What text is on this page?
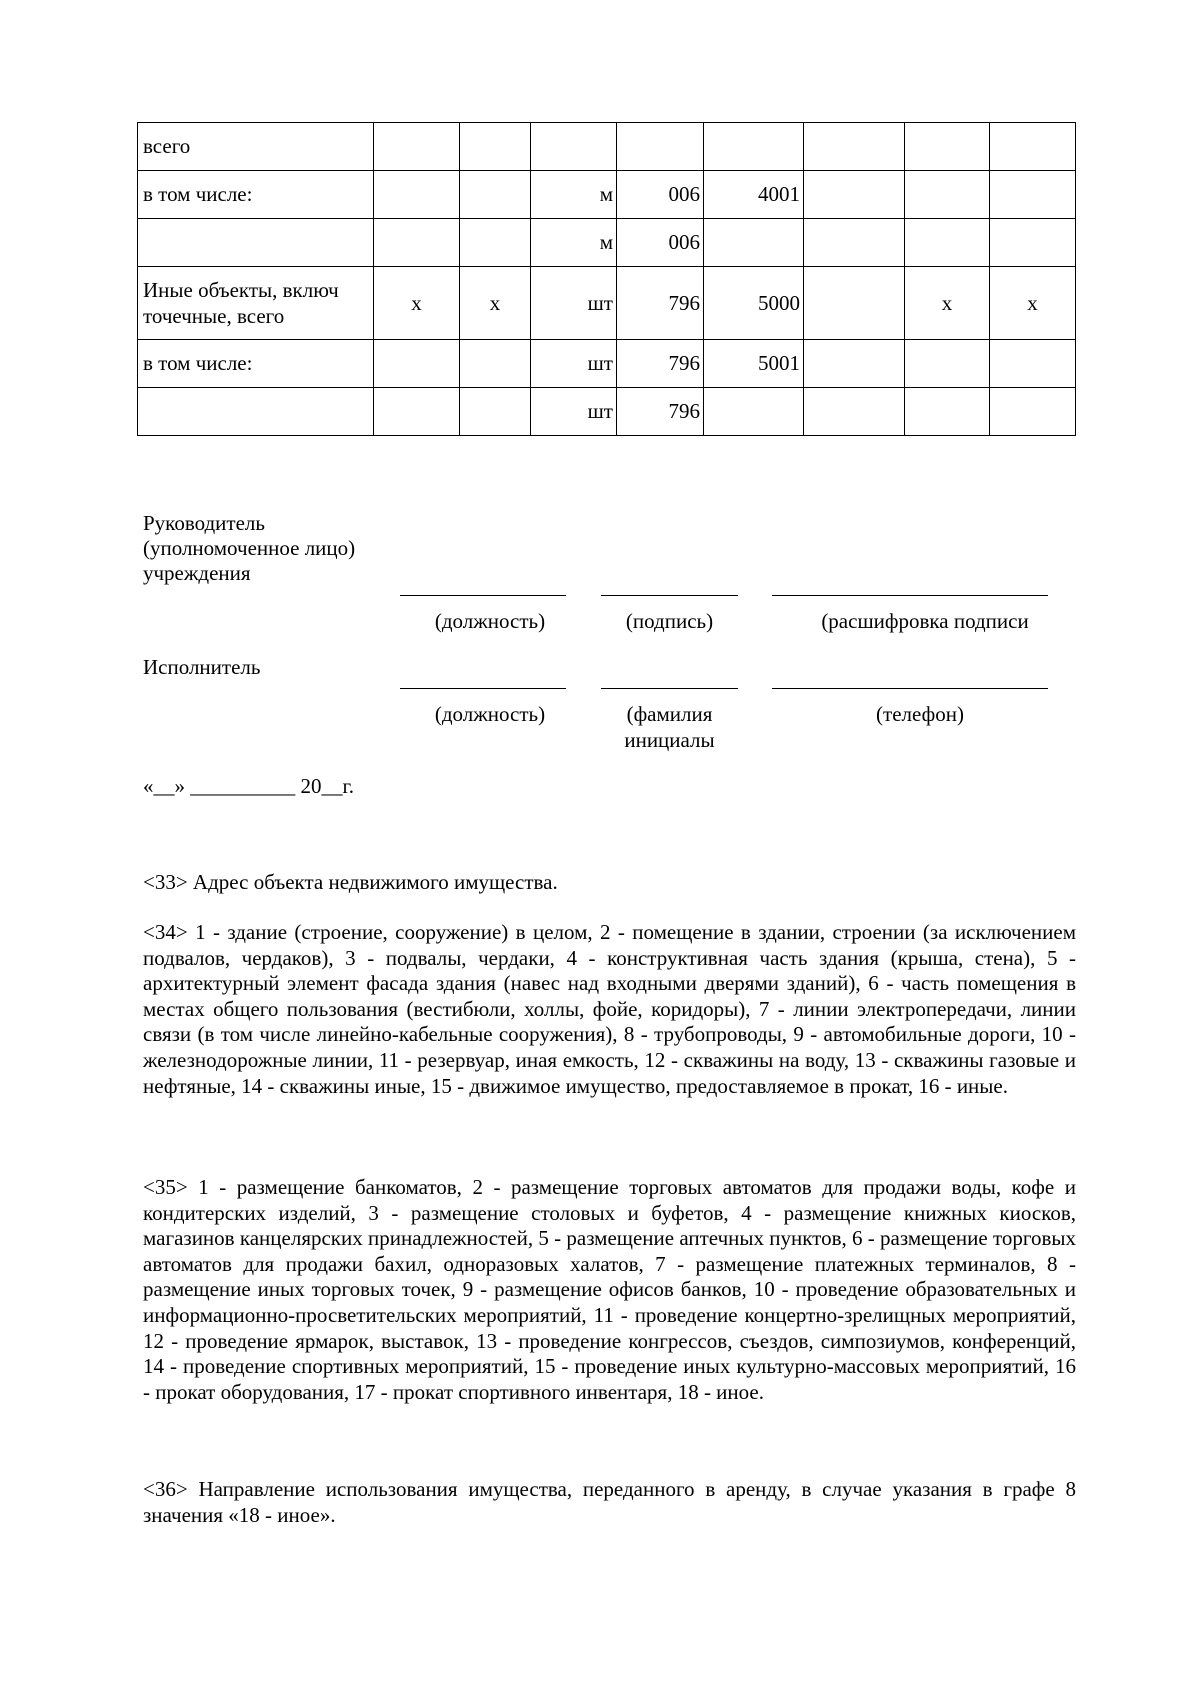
всего								
в том числе:			м	006	4001			
			м	006				
Иные объекты, включ точечные, всего	x	x	шт	796	5000		x	x
в том числе:			шт	796	5001			
			шт	796				
Руководитель
(уполномоченное лицо)
учреждения
(должность)	(подпись)	(расшифровка подписи
Исполнитель
(должность)	(фамилия
инициалы
(телефон)
«__» __________ 20__г.
<33> Адрес объекта недвижимого имущества.
<34> 1 - здание (строение, сооружение) в целом, 2 - помещение в здании, строении (за исключением подвалов, чердаков), 3 - подвалы, чердаки, 4 - конструктивная часть здания (крыша, стена), 5 - архитектурный элемент фасада здания (навес над входными дверями зданий), 6 - часть помещения в местах общего пользования (вестибюли, холлы, фойе, коридоры), 7 - линии электропередачи, линии связи (в том числе линейно-кабельные сооружения), 8 - трубопроводы, 9 - автомобильные дороги, 10 - железнодорожные линии, 11 - резервуар, иная емкость, 12 - скважины на воду, 13 - скважины газовые и нефтяные, 14 - скважины иные, 15 - движимое имущество, предоставляемое в прокат, 16 - иные.
<35> 1 - размещение банкоматов, 2 - размещение торговых автоматов для продажи воды, кофе и кондитерских изделий, 3 - размещение столовых и буфетов, 4 - размещение книжных киосков, магазинов канцелярских принадлежностей, 5 - размещение аптечных пунктов, 6 - размещение торговых автоматов для продажи бахил, одноразовых халатов, 7 - размещение платежных терминалов, 8 - размещение иных торговых точек, 9 - размещение офисов банков, 10 - проведение образовательных и информационно-просветительских мероприятий, 11 - проведение концертно-зрелищных мероприятий, 12 - проведение ярмарок, выставок, 13 - проведение конгрессов, съездов, симпозиумов, конференций, 14 - проведение спортивных мероприятий, 15 - проведение иных культурно-массовых мероприятий, 16 - прокат оборудования, 17 - прокат спортивного инвентаря, 18 - иное.
<36> Направление использования имущества, переданного в аренду, в случае указания в графе 8 значения «18 - иное».
